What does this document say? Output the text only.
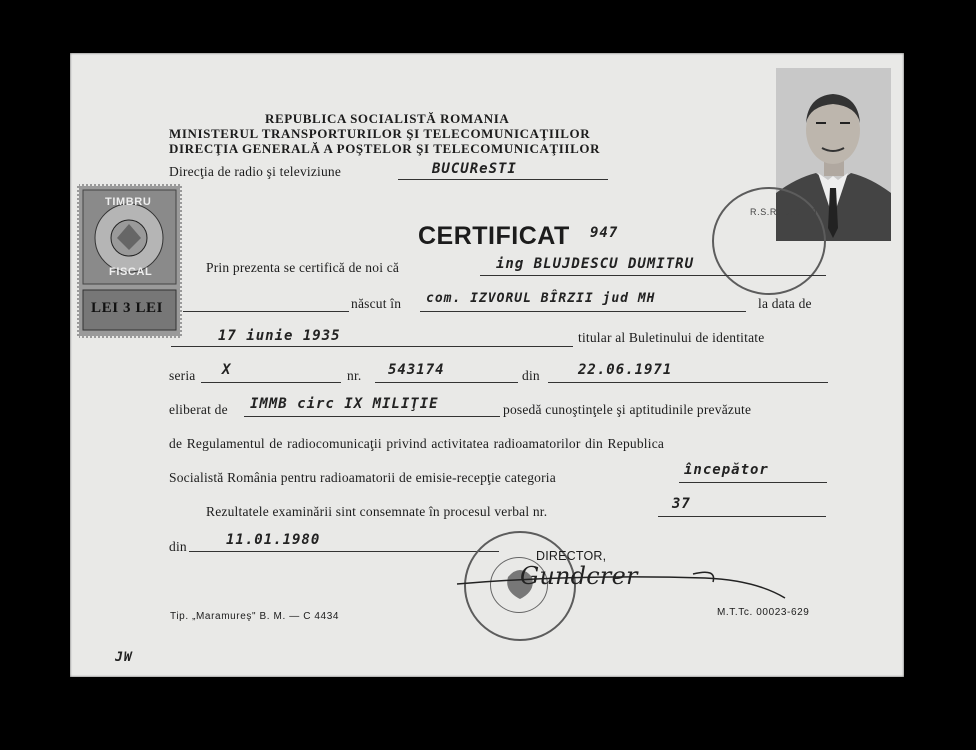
REPUBLICA SOCIALISTĂ ROMANIA
MINISTERUL TRANSPORTURILOR ŞI TELECOMUNICAŢIILOR
DIRECŢIA GENERALĂ A POŞTELOR ŞI TELECOMUNICAŢIILOR
Direcţia de radio şi televiziune	BUCUReSTI
TIMBRU
FISCAL
LEI 3 LEI
R.S.R. D.G.P.T.
CERTIFICAT 947
Prin prezenta se certifică de noi că	ing BLUJDESCU DUMITRU
născut în com. IZVORUL BÎRZII jud MH	la data de
17 iunie 1935	titular al Buletinului de identitate
seria X	nr. 543174	din	22.06.1971
eliberat de IMMB circ IX MILIŢIE	posedă cunoştinţele şi aptitudinile prevăzute
de Regulamentul de radiocomunicaţii privind activitatea radioamatorilor din Republica
Socialistă România pentru radioamatorii de emisie-recepţie categoria	începător
Rezultatele examinării sint consemnate în procesul verbal nr.	37
din	11.01.1980
DIRECTOR,
Gundcrer
Tip. „Maramureş" B. M. — C 4434	M.T.Tc. 00023-629
JW
